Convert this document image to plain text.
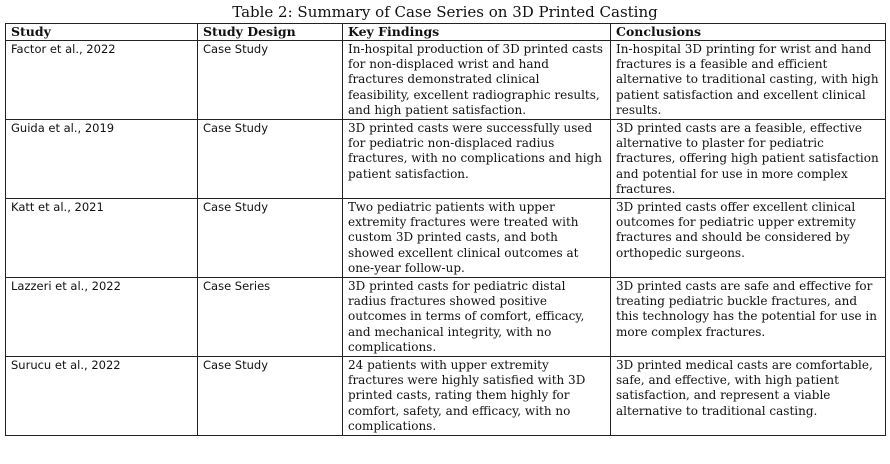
Table 2: Summary of Case Series on 3D Printed Casting
Study	Study Design	Key Findings	Conclusions
Factor et al., 2022	Case Study	In-hospital production of 3D printed casts for non-displaced wrist and hand fractures demonstrated clinical feasibility, excellent radiographic results, and high patient satisfaction.	In-hospital 3D printing for wrist and hand fractures is a feasible and efficient alternative to traditional casting, with high patient satisfaction and excellent clinical results.
Guida et al., 2019	Case Study	3D printed casts were successfully used for pediatric non-displaced radius fractures, with no complications and high patient satisfaction.	3D printed casts are a feasible, effective alternative to plaster for pediatric fractures, offering high patient satisfaction and potential for use in more complex fractures.
Katt et al., 2021	Case Study	Two pediatric patients with upper extremity fractures were treated with custom 3D printed casts, and both showed excellent clinical outcomes at one-year follow-up.	3D printed casts offer excellent clinical outcomes for pediatric upper extremity fractures and should be considered by orthopedic surgeons.
Lazzeri et al., 2022	Case Series	3D printed casts for pediatric distal radius fractures showed positive outcomes in terms of comfort, efficacy, and mechanical integrity, with no complications.	3D printed casts are safe and effective for treating pediatric buckle fractures, and this technology has the potential for use in more complex fractures.
Surucu et al., 2022	Case Study	24 patients with upper extremity fractures were highly satisfied with 3D printed casts, rating them highly for comfort, safety, and efficacy, with no complications.	3D printed medical casts are comfortable, safe, and effective, with high patient satisfaction, and represent a viable alternative to traditional casting.
